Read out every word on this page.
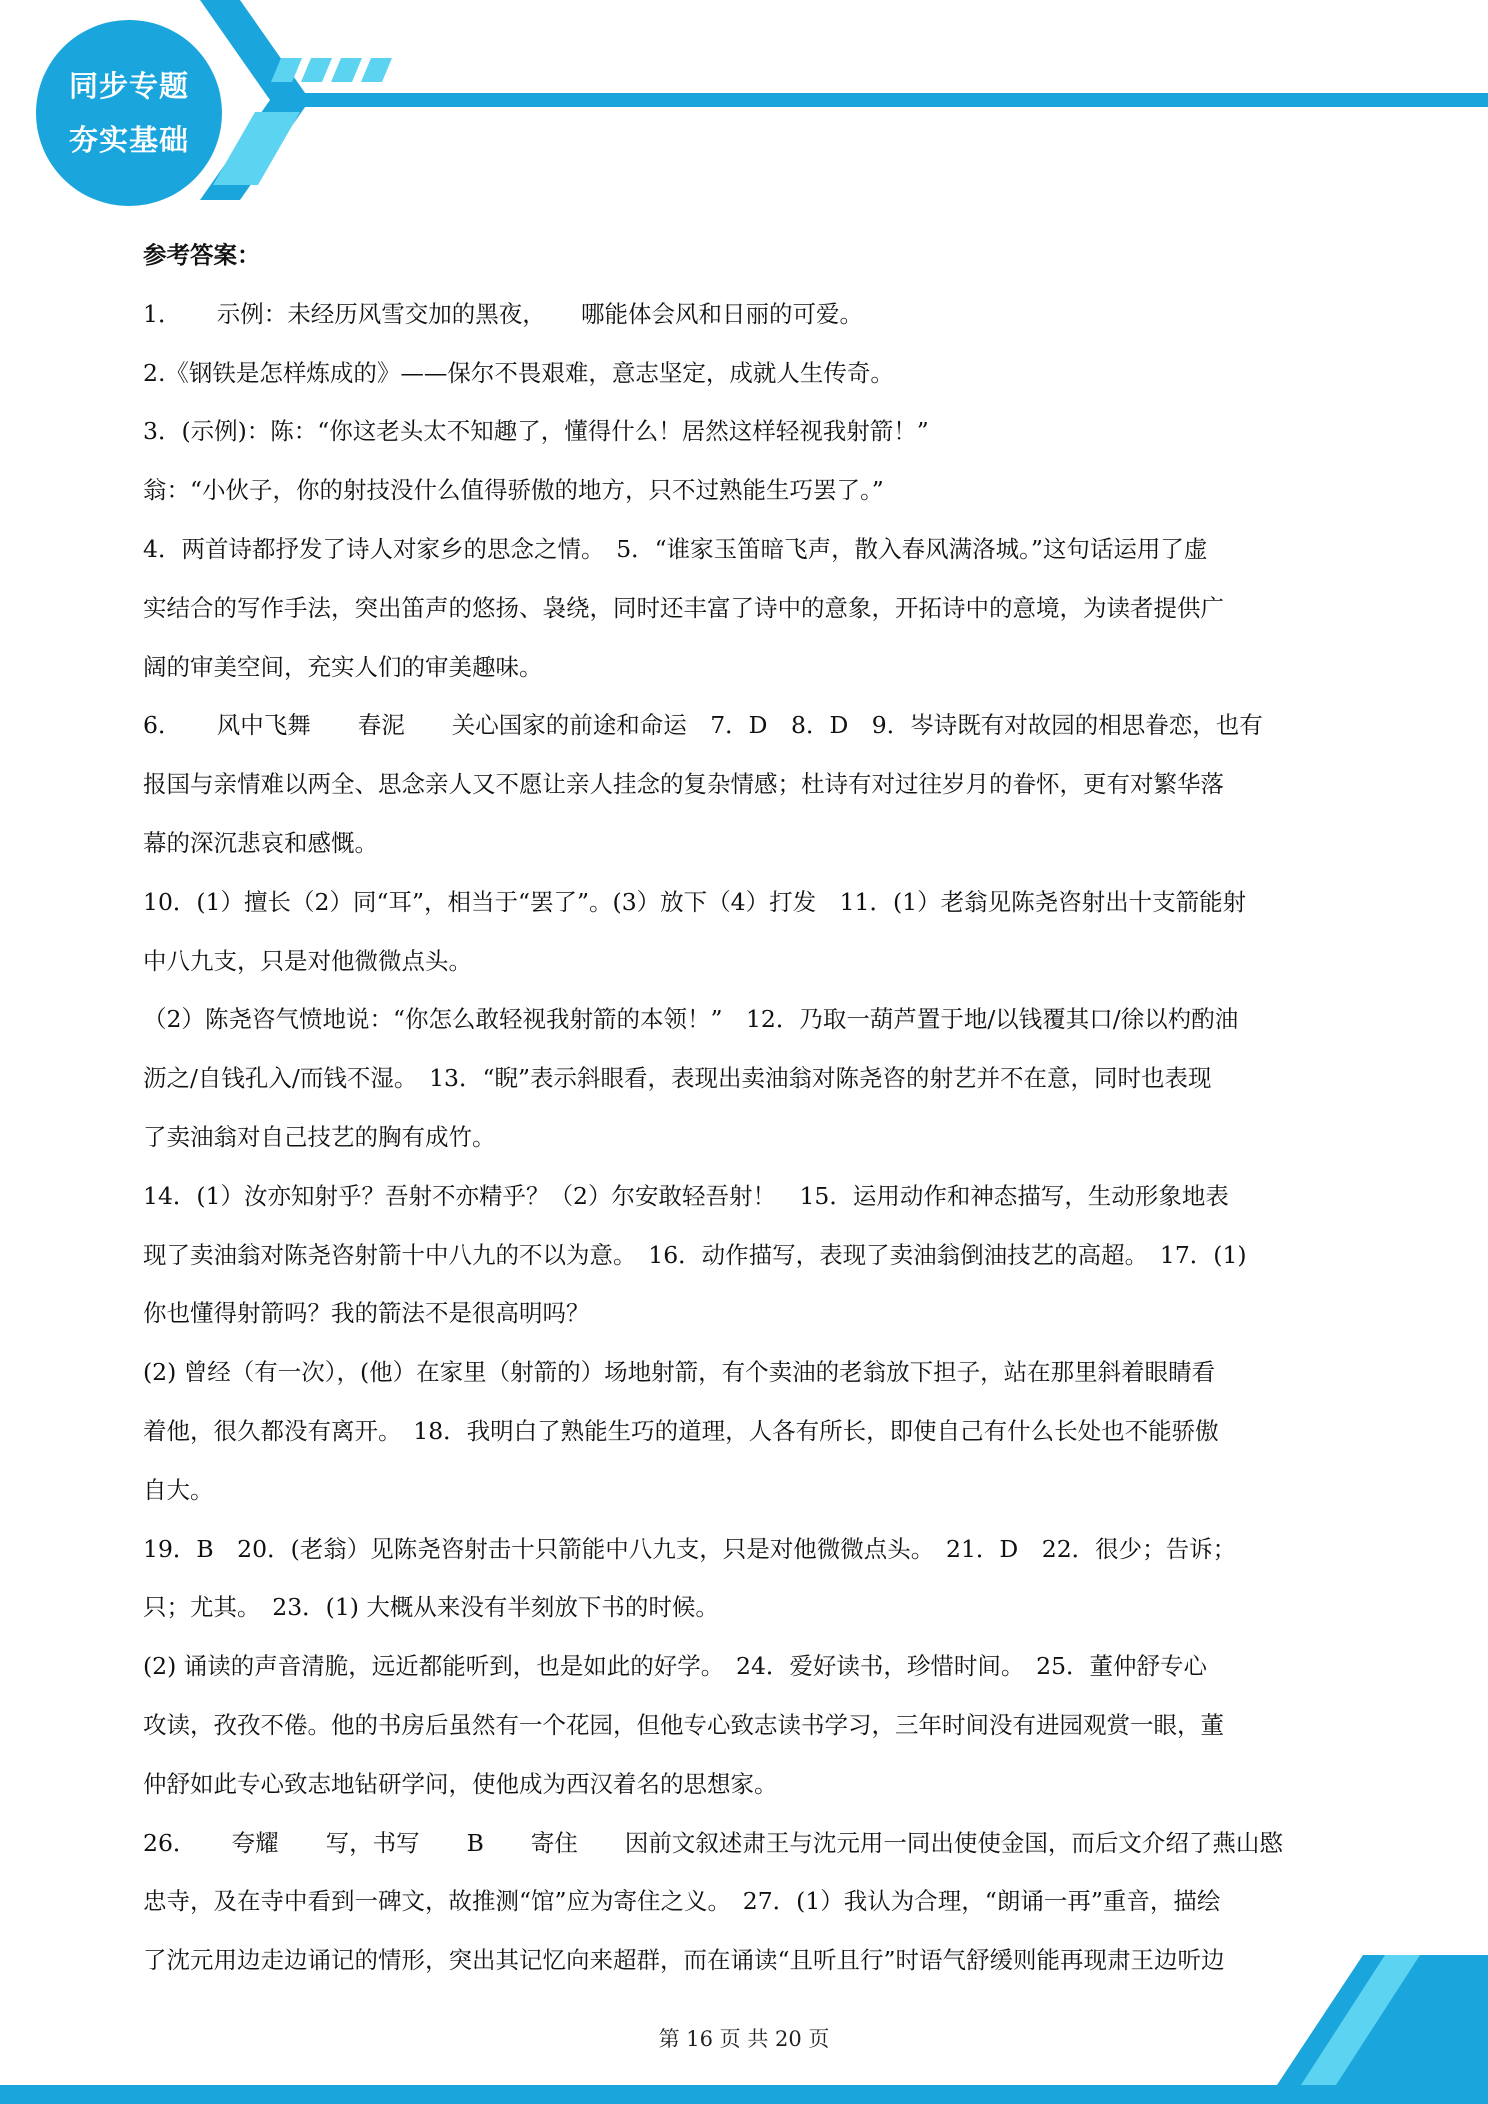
同步专题
夯实基础
参考答案：
1．　　示例：未经历风雪交加的黑夜，　　哪能体会风和日丽的可爱。
2.《钢铁是怎样炼成的》——保尔不畏艰难，意志坚定，成就人生传奇。
3．(示例)：陈：“你这老头太不知趣了，懂得什么！居然这样轻视我射箭！”
翁：“小伙子，你的射技没什么值得骄傲的地方，只不过熟能生巧罢了。”
4．两首诗都抒发了诗人对家乡的思念之情。　5．“谁家玉笛暗飞声，散入春风满洛城。”这句话运用了虚
实结合的写作手法，突出笛声的悠扬、袅绕，同时还丰富了诗中的意象，开拓诗中的意境，为读者提供广
阔的审美空间，充实人们的审美趣味。
6．　　风中飞舞　　春泥　　关心国家的前途和命运　7．D　8．D　9．岑诗既有对故园的相思眷恋，也有
报国与亲情难以两全、思念亲人又不愿让亲人挂念的复杂情感；杜诗有对过往岁月的眷怀，更有对繁华落
幕的深沉悲哀和感慨。
10．(1）擅长（2）同“耳”，相当于“罢了”。(3）放下（4）打发　11．(1）老翁见陈尧咨射出十支箭能射
中八九支，只是对他微微点头。
（2）陈尧咨气愤地说：“你怎么敢轻视我射箭的本领！”　12．乃取一葫芦置于地/以钱覆其口/徐以杓酌油
沥之/自钱孔入/而钱不湿。　13．“睨”表示斜眼看，表现出卖油翁对陈尧咨的射艺并不在意，同时也表现
了卖油翁对自己技艺的胸有成竹。
14．(1）汝亦知射乎？吾射不亦精乎？（2）尔安敢轻吾射！　15．运用动作和神态描写，生动形象地表
现了卖油翁对陈尧咨射箭十中八九的不以为意。　16．动作描写，表现了卖油翁倒油技艺的高超。　17．(1)
你也懂得射箭吗？我的箭法不是很高明吗？
(2) 曾经（有一次），(他）在家里（射箭的）场地射箭，有个卖油的老翁放下担子，站在那里斜着眼睛看
着他，很久都没有离开。　18．我明白了熟能生巧的道理，人各有所长，即使自己有什么长处也不能骄傲
自大。
19．B　20．(老翁）见陈尧咨射击十只箭能中八九支，只是对他微微点头。　21．D　22．很少；告诉；
只；尤其。　23．(1) 大概从来没有半刻放下书的时候。
(2) 诵读的声音清脆，远近都能听到，也是如此的好学。　24．爱好读书，珍惜时间。　25．董仲舒专心
攻读，孜孜不倦。他的书房后虽然有一个花园，但他专心致志读书学习，三年时间没有进园观赏一眼，董
仲舒如此专心致志地钻研学问，使他成为西汉着名的思想家。
26．　　夸耀　　写，书写　　B　　寄住　　因前文叙述肃王与沈元用一同出使使金国，而后文介绍了燕山愍
忠寺，及在寺中看到一碑文，故推测“馆”应为寄住之义。　27．(1）我认为合理，“朗诵一再”重音，描绘
了沈元用边走边诵记的情形，突出其记忆向来超群，而在诵读“且听且行”时语气舒缓则能再现肃王边听边
第 16 页 共 20 页
